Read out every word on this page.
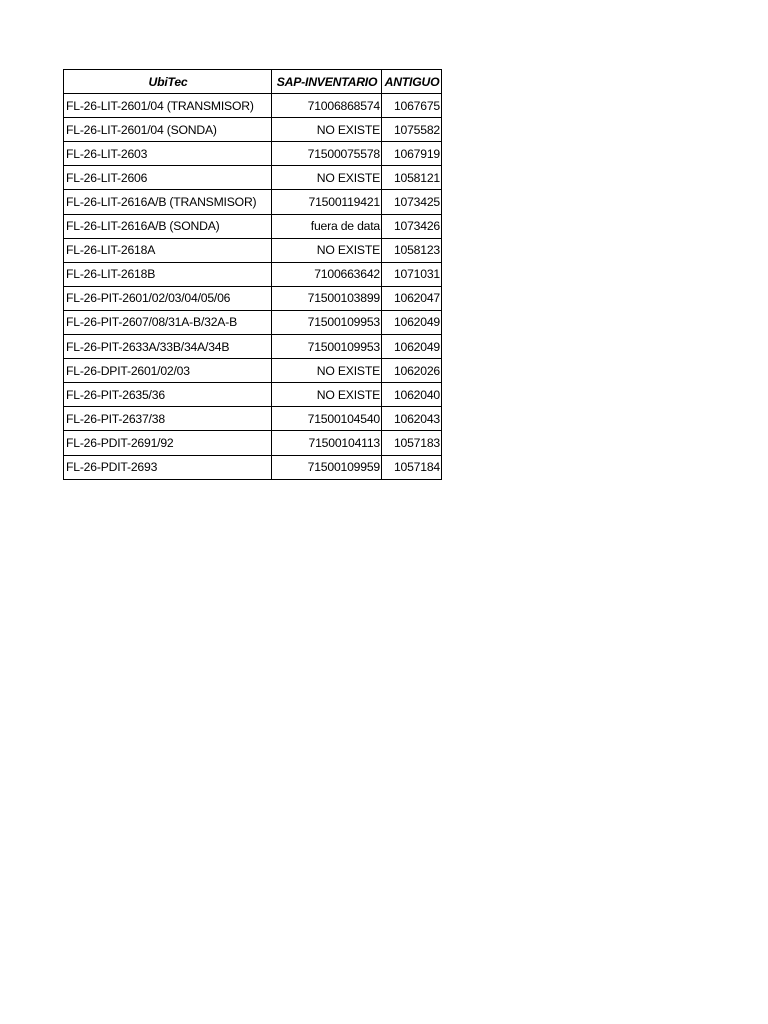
UbiTec	SAP-INVENTARIO	ANTIGUO
FL-26-LIT-2601/04 (TRANSMISOR)	71006868574	1067675
FL-26-LIT-2601/04 (SONDA)	NO EXISTE	1075582
FL-26-LIT-2603	71500075578	1067919
FL-26-LIT-2606	NO EXISTE	1058121
FL-26-LIT-2616A/B (TRANSMISOR)	71500119421	1073425
FL-26-LIT-2616A/B (SONDA)	fuera de data	1073426
FL-26-LIT-2618A	NO EXISTE	1058123
FL-26-LIT-2618B	7100663642	1071031
FL-26-PIT-2601/02/03/04/05/06	71500103899	1062047
FL-26-PIT-2607/08/31A-B/32A-B	71500109953	1062049
FL-26-PIT-2633A/33B/34A/34B	71500109953	1062049
FL-26-DPIT-2601/02/03	NO EXISTE	1062026
FL-26-PIT-2635/36	NO EXISTE	1062040
FL-26-PIT-2637/38	71500104540	1062043
FL-26-PDIT-2691/92	71500104113	1057183
FL-26-PDIT-2693	71500109959	1057184
